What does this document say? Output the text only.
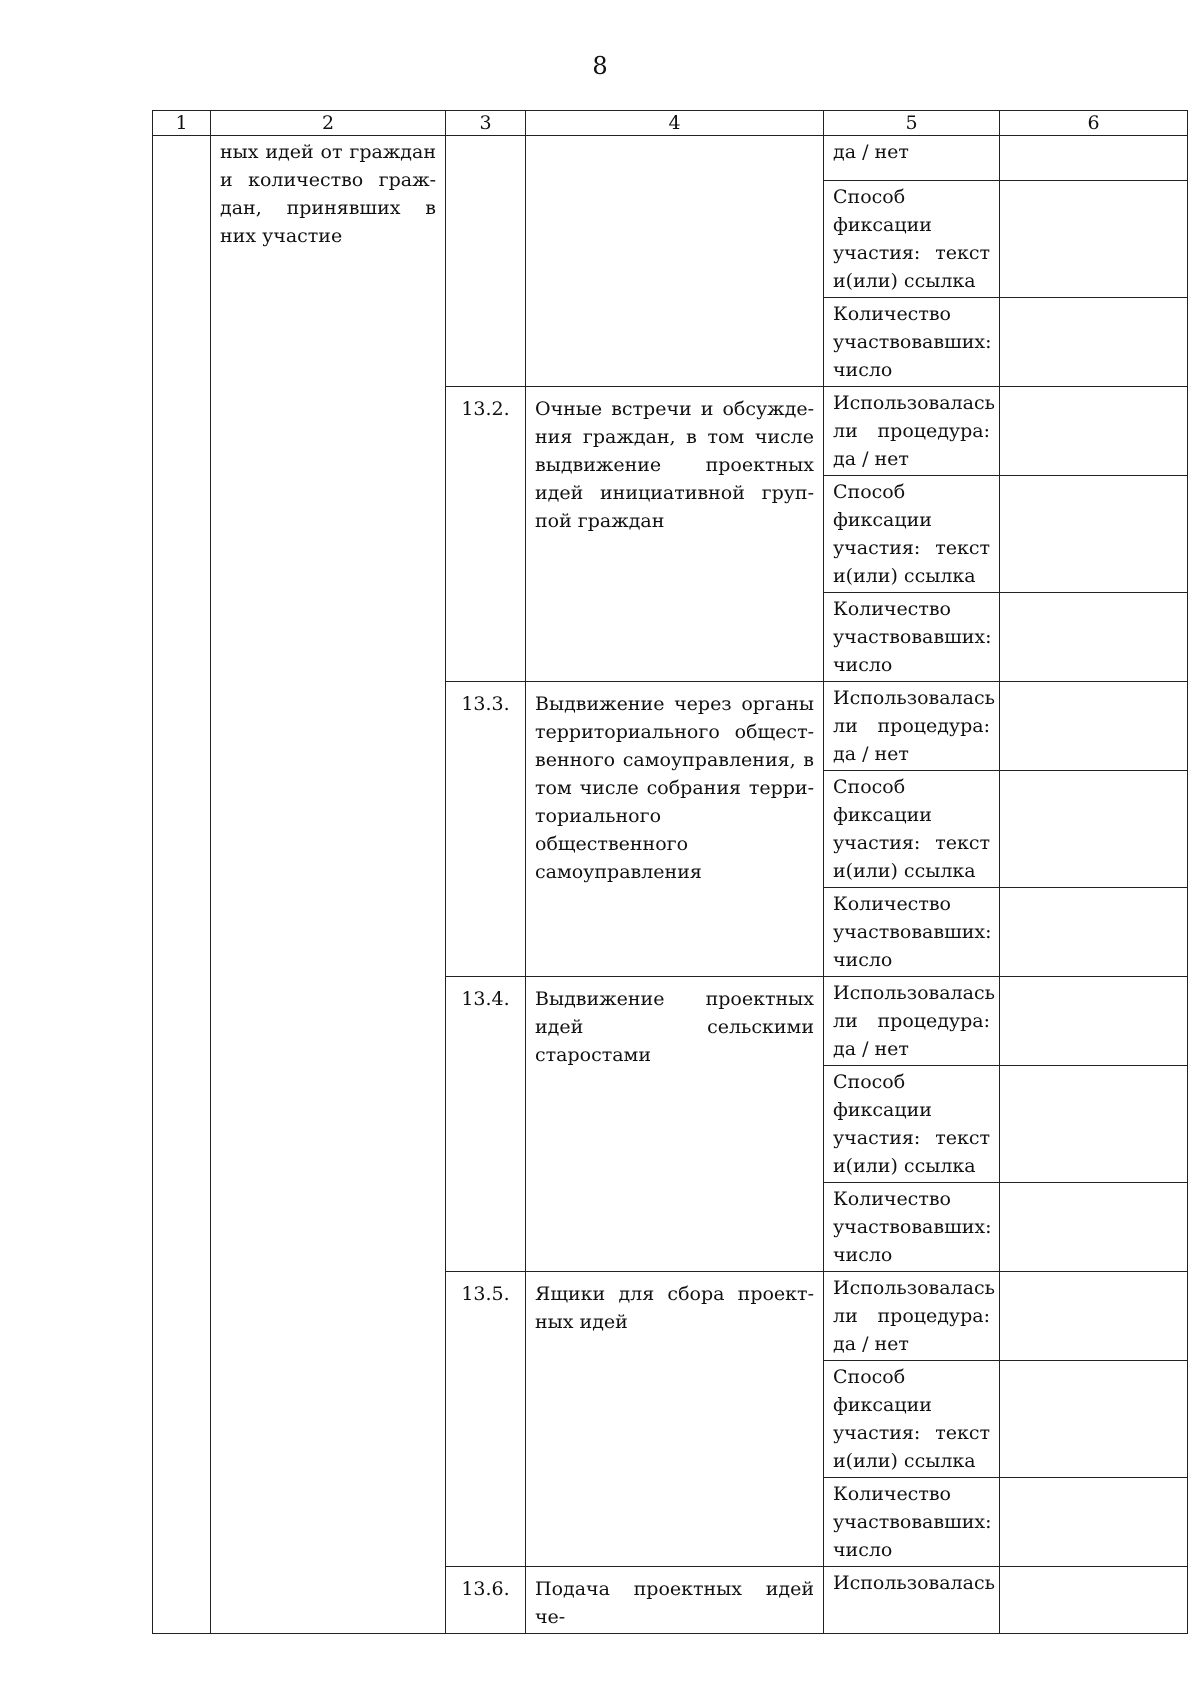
8
1	2	3	4	5	6
	ных идей от граждан и количество граж-дан, принявших в них участие			да / нет

				Способ фиксации участия: текст и(или) ссылка	
				Количество участвовавших: число	
		13.2.	Очные встречи и обсужде-ния граждан, в том числе выдвижение проектных идей инициативной груп-пой граждан	Использовалась ли процедура: да / нет	
				Способ фиксации участия: текст и(или) ссылка	
				Количество участвовавших: число	
		13.3.	Выдвижение через органы территориального общест-венного самоуправления, в том числе собрания терри-ториального общественного самоуправления	Использовалась ли процедура: да / нет	
				Способ фиксации участия: текст и(или) ссылка	
				Количество участвовавших: число	
		13.4.	Выдвижение проектных идей сельскими старостами	Использовалась ли процедура: да / нет	
				Способ фиксации участия: текст и(или) ссылка	
				Количество участвовавших: число	
		13.5.	Ящики для сбора проект-ных идей	Использовалась ли процедура: да / нет	
				Способ фиксации участия: текст и(или) ссылка	
				Количество участвовавших: число	
		13.6.	Подача проектных идей че-	Использовалась	
